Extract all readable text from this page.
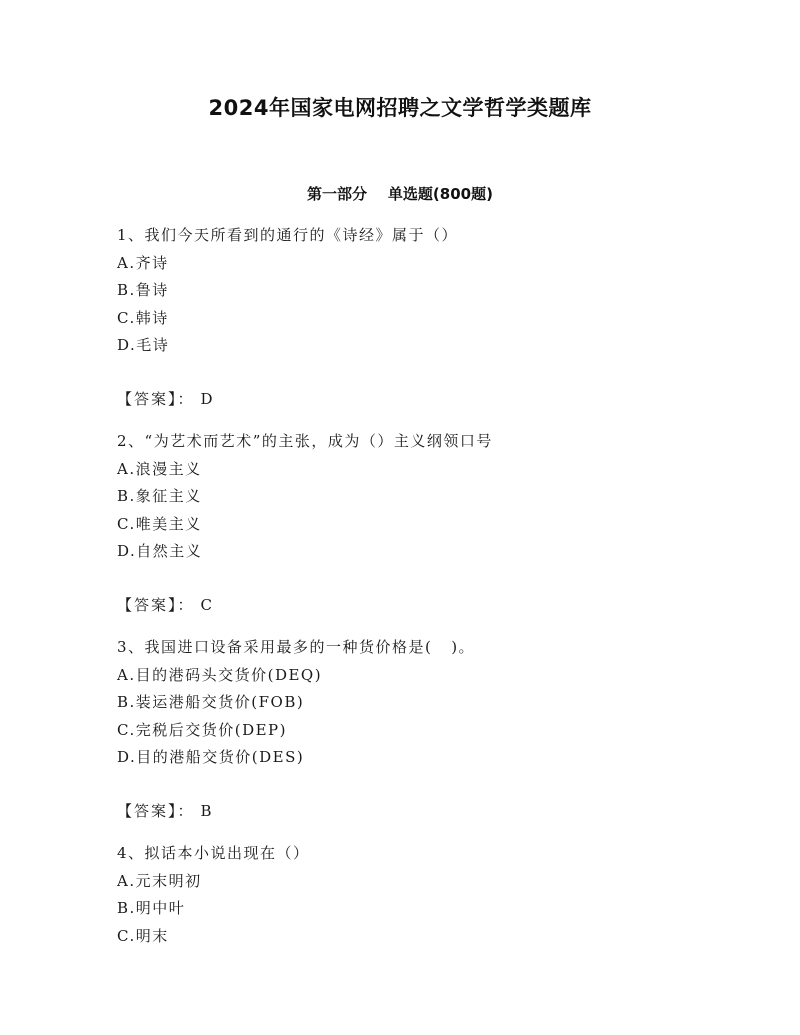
2024年国家电网招聘之文学哲学类题库
第一部分    单选题(800题)
1、我们今天所看到的通行的《诗经》属于（）
A.齐诗
B.鲁诗
C.韩诗
D.毛诗
【答案】： D
2、“为艺术而艺术”的主张，成为（）主义纲领口号
A.浪漫主义
B.象征主义
C.唯美主义
D.自然主义
【答案】： C
3、我国进口设备采用最多的一种货价格是(   )。
A.目的港码头交货价(DEQ)
B.装运港船交货价(FOB)
C.完税后交货价(DEP)
D.目的港船交货价(DES)
【答案】： B
4、拟话本小说出现在（）
A.元末明初
B.明中叶
C.明末
